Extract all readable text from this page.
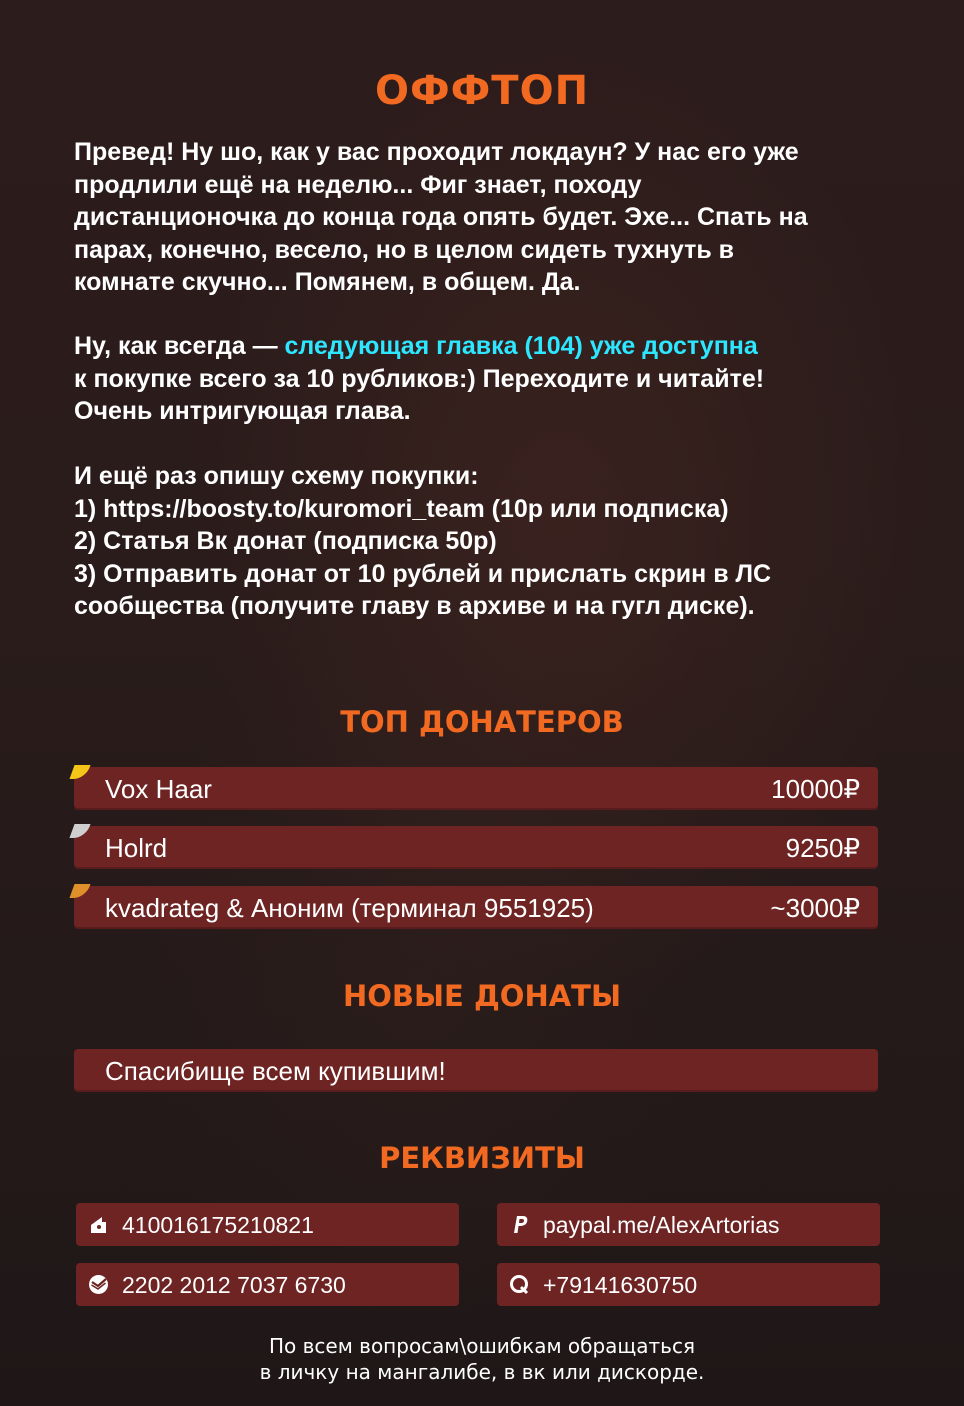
ОФФТОП
Превед! Ну шо, как у вас проходит локдаун? У нас его уже
продлили ещё на неделю... Фиг знает, походу
дистанционочка до конца года опять будет. Эхе... Спать на
парах, конечно, весело, но в целом сидеть тухнуть в
комнате скучно... Помянем, в общем. Да.
Ну, как всегда — следующая главка (104) уже доступна
к покупке всего за 10 рубликов:) Переходите и читайте!
Очень интригующая глава.
И ещё раз опишу схему покупки:
1) https://boosty.to/kuromori_team (10р или подписка)
2) Статья Вк донат (подписка 50р)
3) Отправить донат от 10 рублей и прислать скрин в ЛС
сообщества (получите главу в архиве и на гугл диске).
ТОП ДОНАТЕРОВ
Vox Haar	10000₽
Holrd	9250₽
kvadrateg & Аноним (терминал 9551925)	~3000₽
НОВЫЕ ДОНАТЫ
Спасибище всем купившим!
РЕКВИЗИТЫ
410016175210821	paypal.me/AlexArtorias
2202 2012 7037 6730	+79141630750
По всем вопросам\ошибкам обращаться
в личку на мангалибе, в вк или дискорде.
